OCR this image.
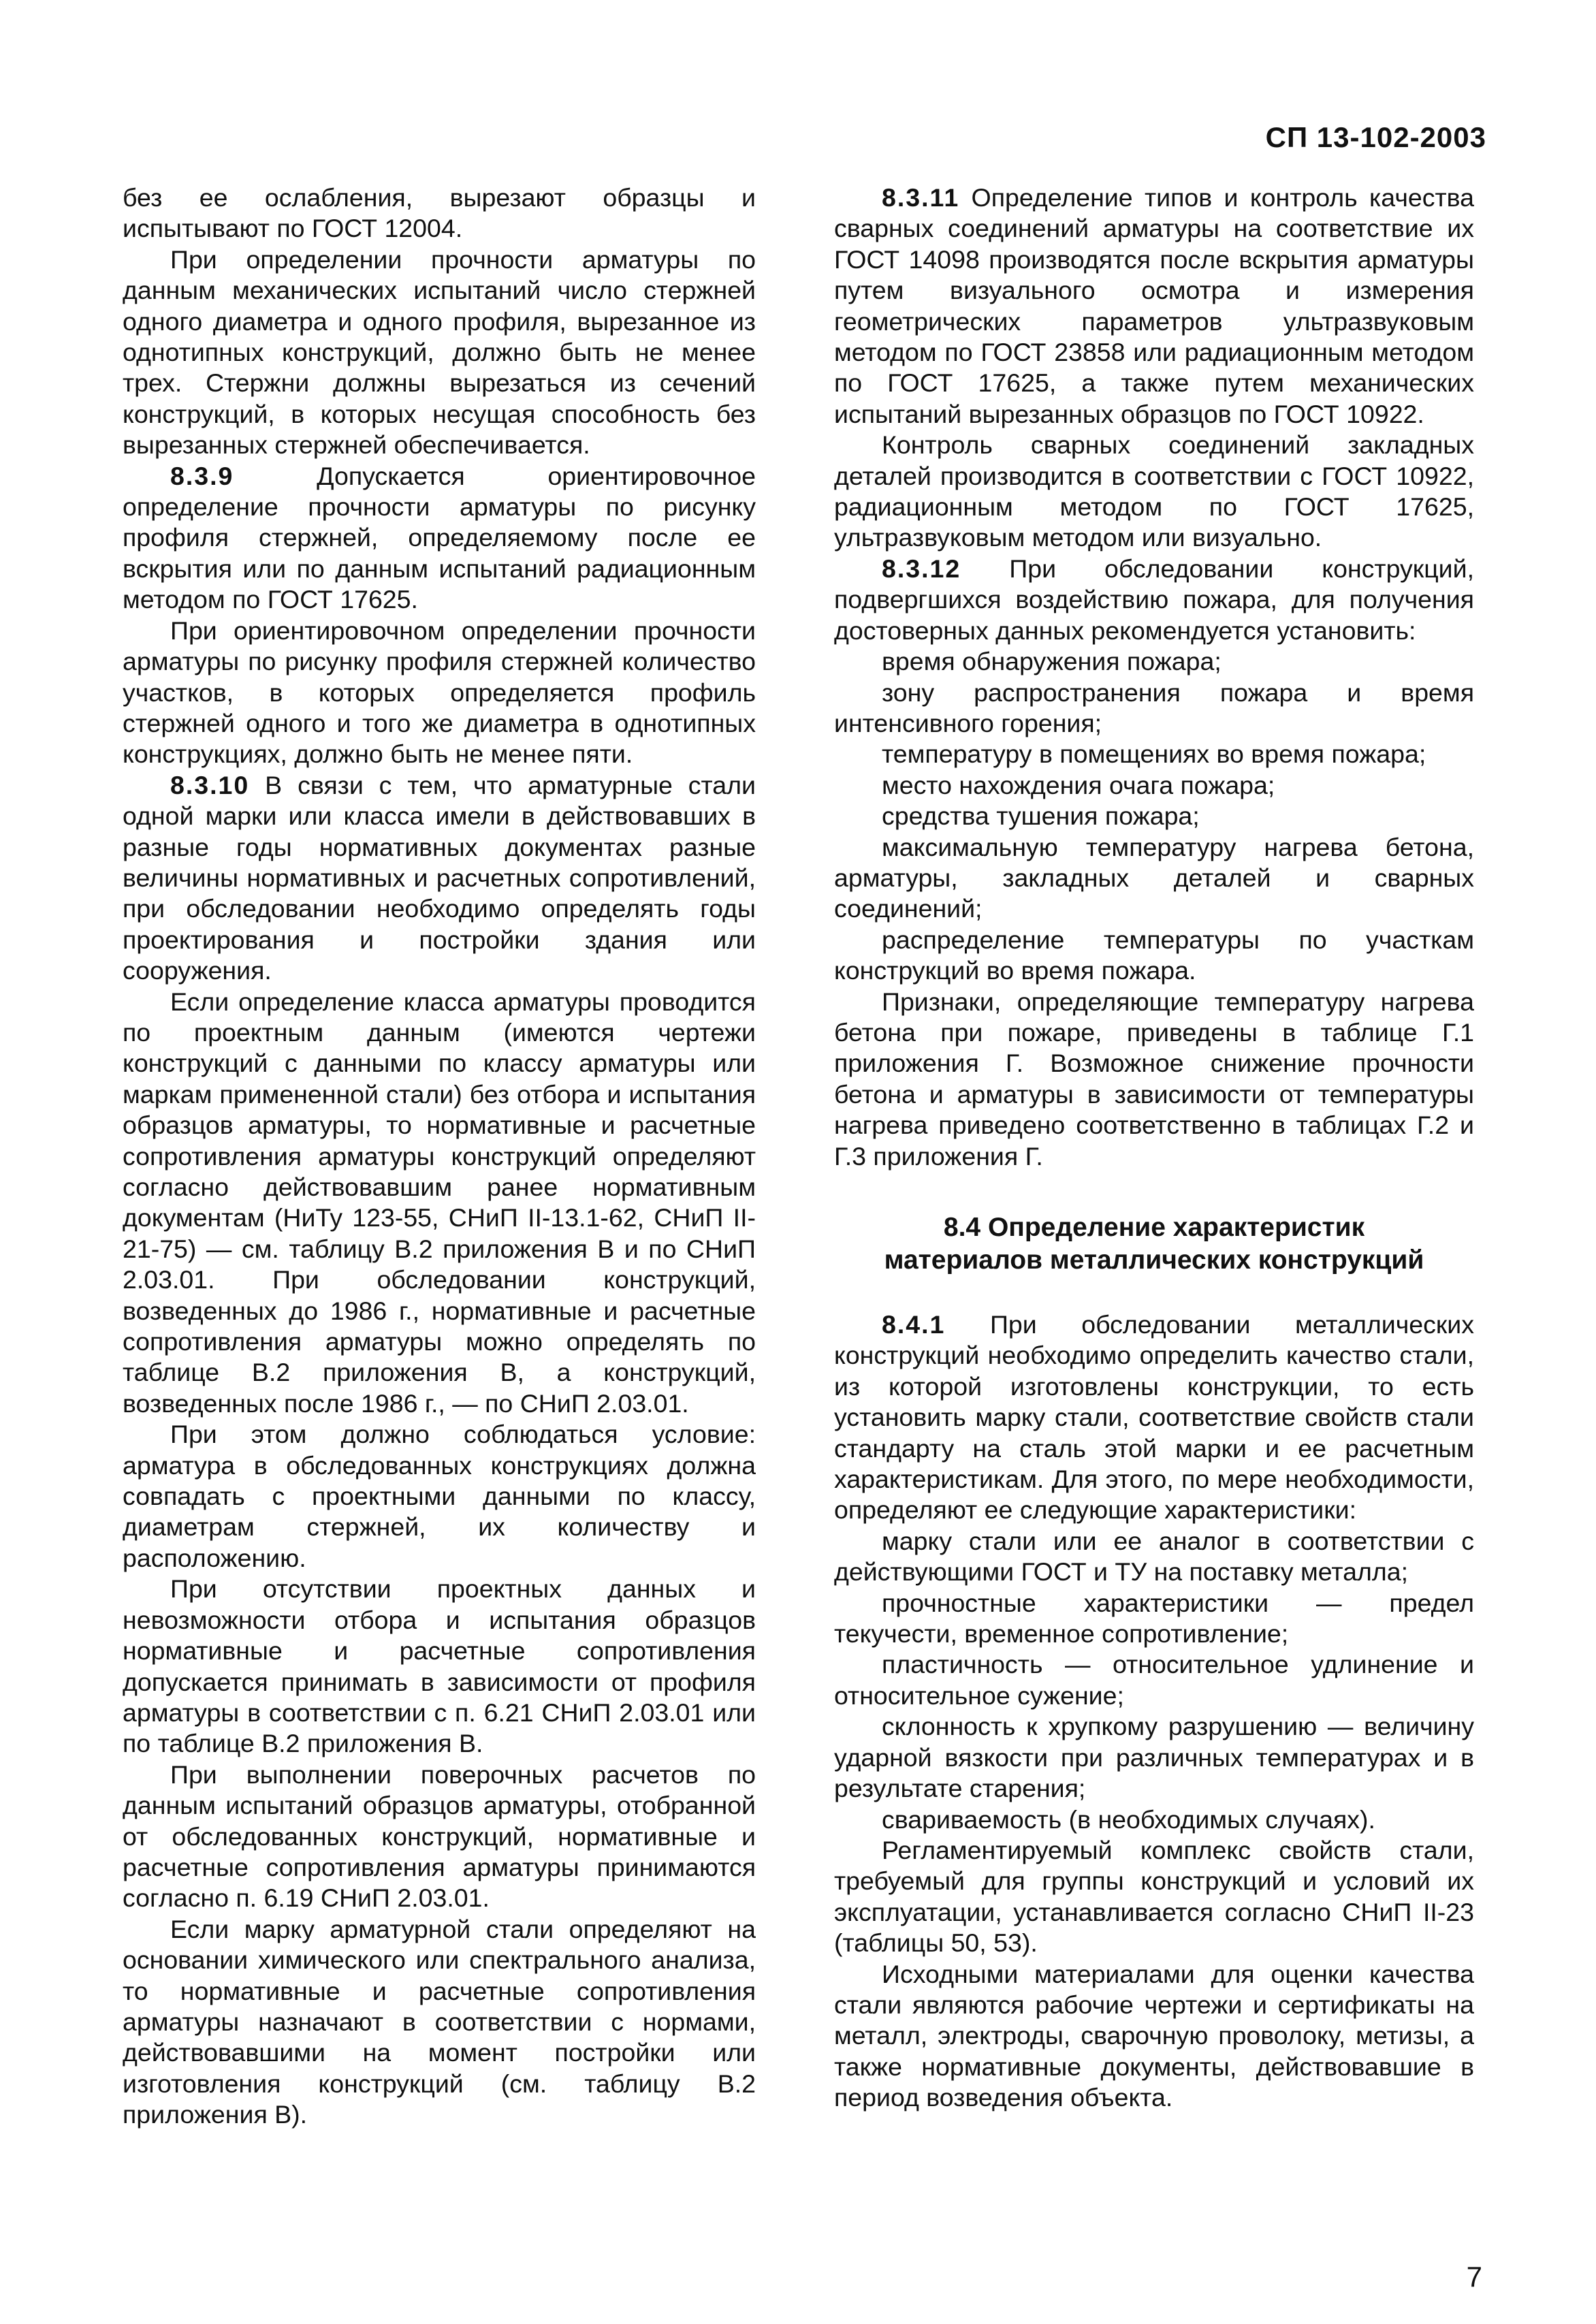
СП 13-102-2003

без ее ослабления, вырезают образцы и испытывают по ГОСТ 12004.

При определении прочности арматуры по данным механических испытаний число стержней одного диаметра и одного профиля, вырезанное из однотипных конструкций, должно быть не менее трех. Стержни должны вырезаться из сечений конструкций, в которых несущая способность без вырезанных стержней обеспечивается.

8.3.9 Допускается ориентировочное определение прочности арматуры по рисунку профиля стержней, определяемому после ее вскрытия или по данным испытаний радиационным методом по ГОСТ 17625.

При ориентировочном определении прочности арматуры по рисунку профиля стержней количество участков, в которых определяется профиль стержней одного и того же диаметра в однотипных конструкциях, должно быть не менее пяти.

8.3.10 В связи с тем, что арматурные стали одной марки или класса имели в действовавших в разные годы нормативных документах разные величины нормативных и расчетных сопротивлений, при обследовании необходимо определять годы проектирования и постройки здания или сооружения.

Если определение класса арматуры проводится по проектным данным (имеются чертежи конструкций с данными по классу арматуры или маркам примененной стали) без отбора и испытания образцов арматуры, то нормативные и расчетные сопротивления арматуры конструкций определяют согласно действовавшим ранее нормативным документам (НиТу 123-55, СНиП II-13.1-62, СНиП II-21-75) — см. таблицу В.2 приложения В и по СНиП 2.03.01. При обследовании конструкций, возведенных до 1986 г., нормативные и расчетные сопротивления арматуры можно определять по таблице В.2 приложения В, а конструкций, возведенных после 1986 г., — по СНиП 2.03.01.

При этом должно соблюдаться условие: арматура в обследованных конструкциях должна совпадать с проектными данными по классу, диаметрам стержней, их количеству и расположению.

При отсутствии проектных данных и невозможности отбора и испытания образцов нормативные и расчетные сопротивления допускается принимать в зависимости от профиля арматуры в соответствии с п. 6.21 СНиП 2.03.01 или по таблице В.2 приложения В.

При выполнении поверочных расчетов по данным испытаний образцов арматуры, отобранной от обследованных конструкций, нормативные и расчетные сопротивления арматуры принимаются согласно п. 6.19 СНиП 2.03.01.

Если марку арматурной стали определяют на основании химического или спектрального анализа, то нормативные и расчетные сопротивления арматуры назначают в соответствии с нормами, действовавшими на момент постройки или изготовления конструкций (см. таблицу В.2 приложения В).

8.3.11 Определение типов и контроль качества сварных соединений арматуры на соответствие их ГОСТ 14098 производятся после вскрытия арматуры путем визуального осмотра и измерения геометрических параметров ультразвуковым методом по ГОСТ 23858 или радиационным методом по ГОСТ 17625, а также путем механических испытаний вырезанных образцов по ГОСТ 10922.

Контроль сварных соединений закладных деталей производится в соответствии с ГОСТ 10922, радиационным методом по ГОСТ 17625, ультразвуковым методом или визуально.

8.3.12 При обследовании конструкций, подвергшихся воздействию пожара, для получения достоверных данных рекомендуется установить:

время обнаружения пожара;

зону распространения пожара и время интенсивного горения;

температуру в помещениях во время пожара;

место нахождения очага пожара;

средства тушения пожара;

максимальную температуру нагрева бетона, арматуры, закладных деталей и сварных соединений;

распределение температуры по участкам конструкций во время пожара.

Признаки, определяющие температуру нагрева бетона при пожаре, приведены в таблице Г.1 приложения Г. Возможное снижение прочности бетона и арматуры в зависимости от температуры нагрева приведено соответственно в таблицах Г.2 и Г.3 приложения Г.

8.4 Определение характеристик
материалов металлических конструкций

8.4.1 При обследовании металлических конструкций необходимо определить качество стали, из которой изготовлены конструкции, то есть установить марку стали, соответствие свойств стали стандарту на сталь этой марки и ее расчетным характеристикам. Для этого, по мере необходимости, определяют ее следующие характеристики:

марку стали или ее аналог в соответствии с действующими ГОСТ и ТУ на поставку металла;

прочностные характеристики — предел текучести, временное сопротивление;

пластичность — относительное удлинение и относительное сужение;

склонность к хрупкому разрушению — величину ударной вязкости при различных температурах и в результате старения;

свариваемость (в необходимых случаях).

Регламентируемый комплекс свойств стали, требуемый для группы конструкций и условий их эксплуатации, устанавливается согласно СНиП II-23 (таблицы 50, 53).

Исходными материалами для оценки качества стали являются рабочие чертежи и сертификаты на металл, электроды, сварочную проволоку, метизы, а также нормативные документы, действовавшие в период возведения объекта.

7
